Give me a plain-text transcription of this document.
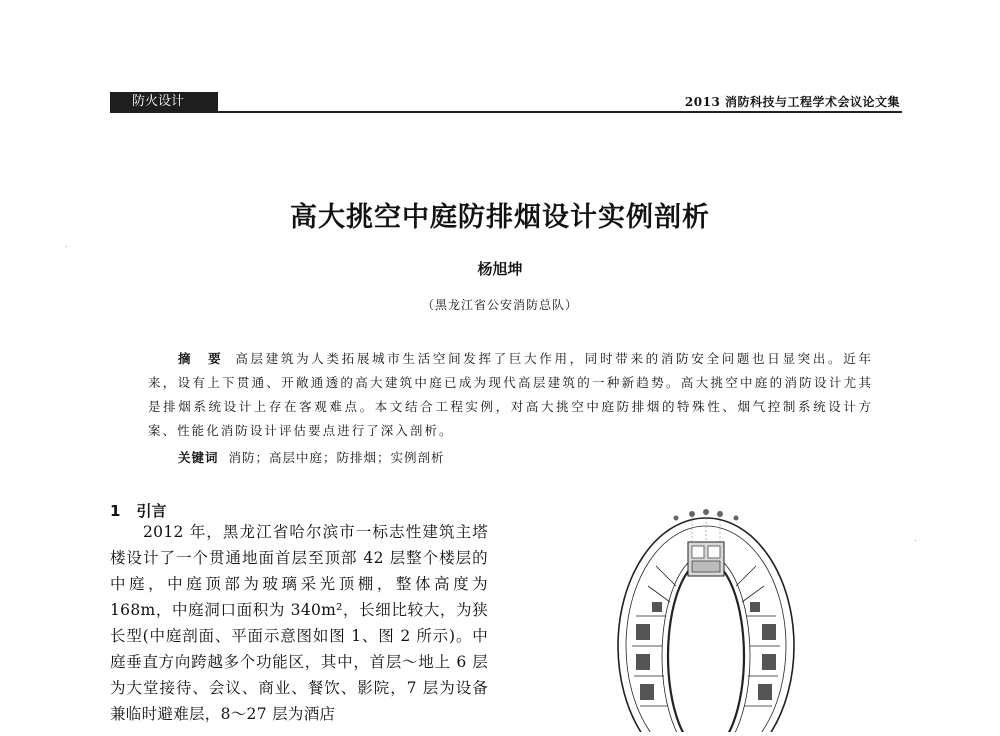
防火设计	2013 消防科技与工程学术会议论文集
高大挑空中庭防排烟设计实例剖析
杨旭坤
（黑龙江省公安消防总队）
摘 要 高层建筑为人类拓展城市生活空间发挥了巨大作用，同时带来的消防安全问题也日显突出。近年来，设有上下贯通、开敞通透的高大建筑中庭已成为现代高层建筑的一种新趋势。高大挑空中庭的消防设计尤其是排烟系统设计上存在客观难点。本文结合工程实例，对高大挑空中庭防排烟的特殊性、烟气控制系统设计方案、性能化消防设计评估要点进行了深入剖析。
关键词 消防；高层中庭；防排烟；实例剖析
1 引言

2012 年，黑龙江省哈尔滨市一标志性建筑主塔楼设计了一个贯通地面首层至顶部 42 层整个楼层的中庭，中庭顶部为玻璃采光顶棚，整体高度为 168m，中庭洞口面积为 340m²，长细比较大，为狭长型(中庭剖面、平面示意图如图 1、图 2 所示)。中庭垂直方向跨越多个功能区，其中，首层～地上 6 层为大堂接待、会议、商业、餐饮、影院，7 层为设备兼临时避难层，8～27 层为酒店
